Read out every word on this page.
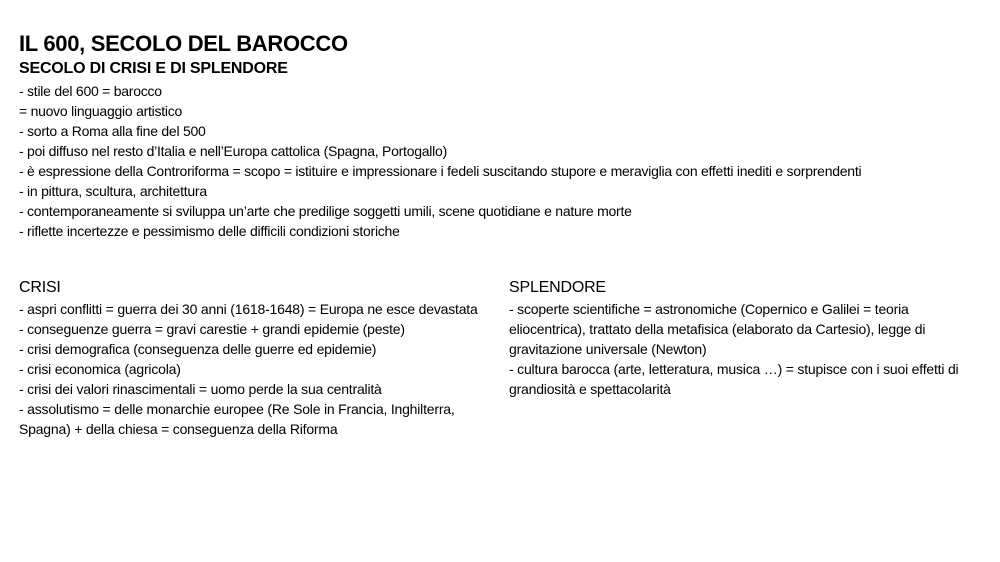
IL 600, SECOLO DEL BAROCCO
SECOLO DI CRISI E DI SPLENDORE
- stile del 600 = barocco
= nuovo linguaggio artistico
- sorto a Roma alla fine del 500
- poi diffuso nel resto d’Italia e nell’Europa cattolica (Spagna, Portogallo)
- è espressione della Controriforma = scopo = istituire e impressionare i fedeli suscitando stupore e meraviglia con effetti inediti e sorprendenti
- in pittura, scultura, architettura
- contemporaneamente si sviluppa un’arte che predilige soggetti umili, scene quotidiane e nature morte
- riflette incertezze e pessimismo delle difficili condizioni storiche
CRISI
- aspri conflitti = guerra dei 30 anni (1618-1648) = Europa ne esce devastata
- conseguenze guerra = gravi carestie + grandi epidemie (peste)
- crisi demografica (conseguenza delle guerre ed epidemie)
- crisi economica (agricola)
- crisi dei valori rinascimentali = uomo perde la sua centralità
- assolutismo = delle monarchie europee (Re Sole in Francia, Inghilterra, Spagna) + della chiesa = conseguenza della Riforma
SPLENDORE
- scoperte scientifiche = astronomiche (Copernico e Galilei = teoria eliocentrica), trattato della metafisica (elaborato da Cartesio), legge di gravitazione universale (Newton)
- cultura barocca (arte, letteratura, musica …) = stupisce con i suoi effetti di grandiosità e spettacolarità
